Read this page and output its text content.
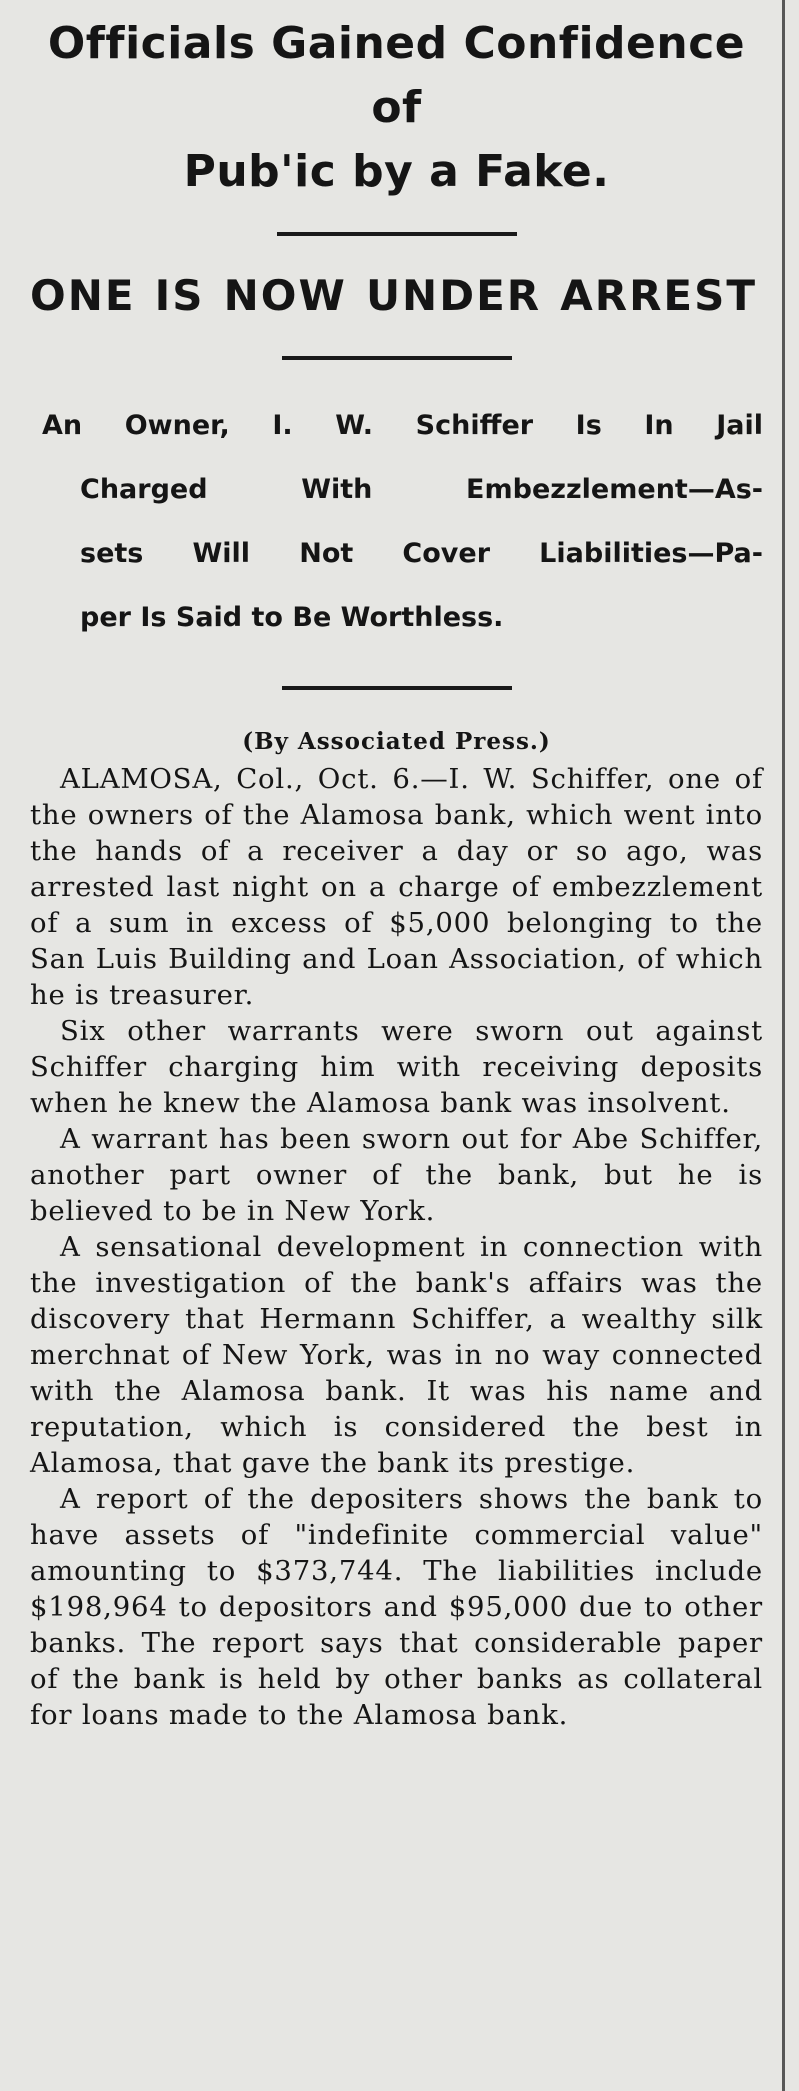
Officials Gained Confidence of
Pub'ic by a Fake.
ONE IS NOW UNDER ARREST
An Owner, I. W. Schiffer Is In Jail
Charged With Embezzlement—As-
sets Will Not Cover Liabilities—Pa-
per Is Said to Be Worthless.

(By Associated Press.)

ALAMOSA, Col., Oct. 6.—I. W. Schiffer, one of the owners of the Alamosa bank, which went into the hands of a receiver a day or so ago, was arrested last night on a charge of embezzlement of a sum in excess of $5,000 belonging to the San Luis Building and Loan Association, of which he is treasurer.

Six other warrants were sworn out against Schiffer charging him with receiving deposits when he knew the Alamosa bank was insolvent.

A warrant has been sworn out for Abe Schiffer, another part owner of the bank, but he is believed to be in New York.

A sensational development in connection with the investigation of the bank's affairs was the discovery that Hermann Schiffer, a wealthy silk merchnat of New York, was in no way connected with the Alamosa bank. It was his name and reputation, which is considered the best in Alamosa, that gave the bank its prestige.

A report of the depositers shows the bank to have assets of "indefinite commercial value" amounting to $373,744. The liabilities include $198,964 to depositors and $95,000 due to other banks. The report says that considerable paper of the bank is held by other banks as collateral for loans made to the Alamosa bank.
